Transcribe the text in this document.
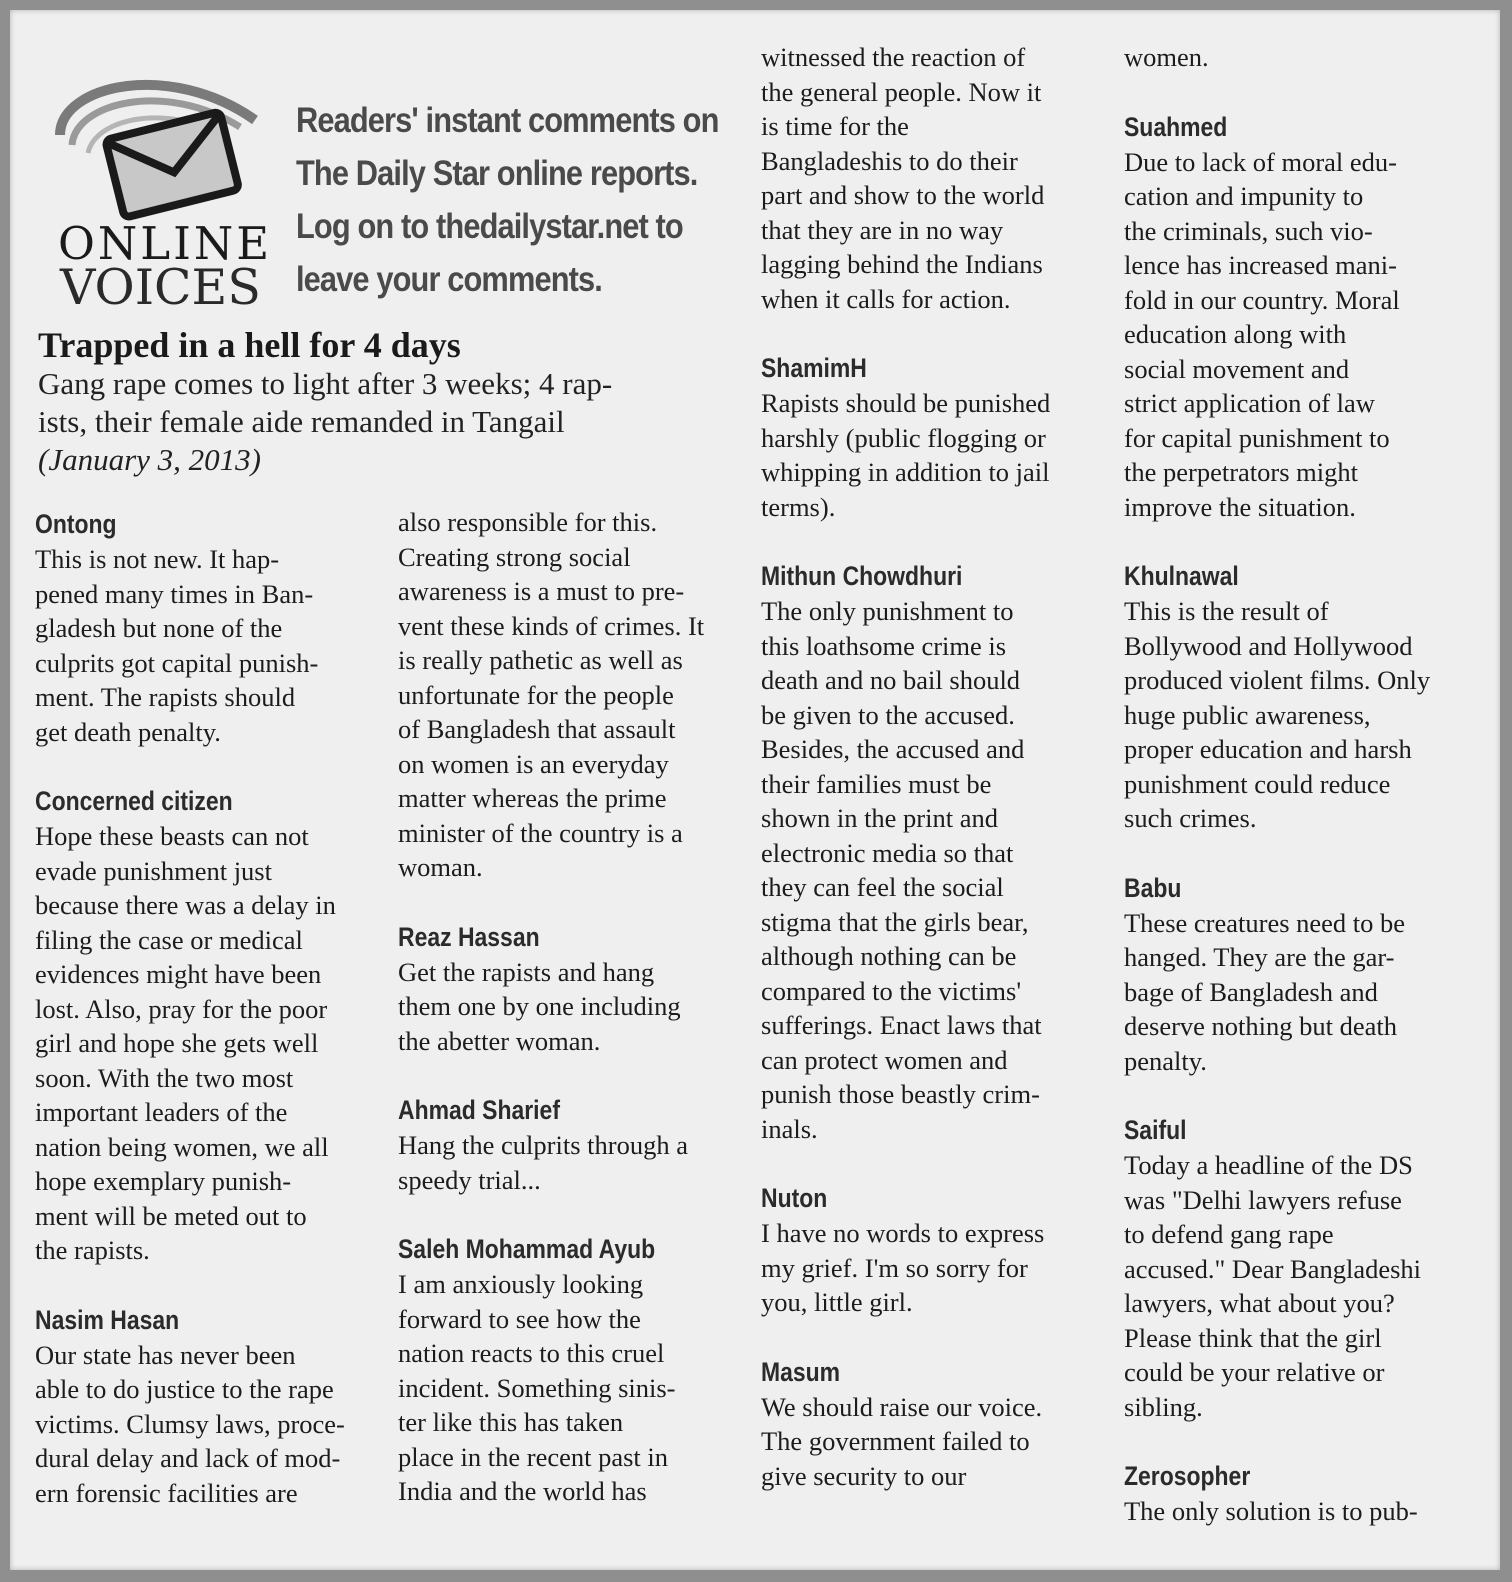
ONLINE
VOICES
Readers' instant comments on
The Daily Star online reports.
Log on to thedailystar.net to
leave your comments.
Trapped in a hell for 4 days
Gang rape comes to light after 3 weeks; 4 rap-
ists, their female aide remanded in Tangail
(January 3, 2013)
Ontong
This is not new. It hap-
pened many times in Ban-
gladesh but none of the
culprits got capital punish-
ment. The rapists should
get death penalty.
Concerned citizen
Hope these beasts can not
evade punishment just
because there was a delay in
filing the case or medical
evidences might have been
lost. Also, pray for the poor
girl and hope she gets well
soon. With the two most
important leaders of the
nation being women, we all
hope exemplary punish-
ment will be meted out to
the rapists.
Nasim Hasan
Our state has never been
able to do justice to the rape
victims. Clumsy laws, proce-
dural delay and lack of mod-
ern forensic facilities are
also responsible for this.
Creating strong social
awareness is a must to pre-
vent these kinds of crimes. It
is really pathetic as well as
unfortunate for the people
of Bangladesh that assault
on women is an everyday
matter whereas the prime
minister of the country is a
woman.
Reaz Hassan
Get the rapists and hang
them one by one including
the abetter woman.
Ahmad Sharief
Hang the culprits through a
speedy trial...
Saleh Mohammad Ayub
I am anxiously looking
forward to see how the
nation reacts to this cruel
incident. Something sinis-
ter like this has taken
place in the recent past in
India and the world has
witnessed the reaction of
the general people. Now it
is time for the
Bangladeshis to do their
part and show to the world
that they are in no way
lagging behind the Indians
when it calls for action.
ShamimH
Rapists should be punished
harshly (public flogging or
whipping in addition to jail
terms).
Mithun Chowdhuri
The only punishment to
this loathsome crime is
death and no bail should
be given to the accused.
Besides, the accused and
their families must be
shown in the print and
electronic media so that
they can feel the social
stigma that the girls bear,
although nothing can be
compared to the victims'
sufferings. Enact laws that
can protect women and
punish those beastly crim-
inals.
Nuton
I have no words to express
my grief. I'm so sorry for
you, little girl.
Masum
We should raise our voice.
The government failed to
give security to our
women.
Suahmed
Due to lack of moral edu-
cation and impunity to
the criminals, such vio-
lence has increased mani-
fold in our country. Moral
education along with
social movement and
strict application of law
for capital punishment to
the perpetrators might
improve the situation.
Khulnawal
This is the result of
Bollywood and Hollywood
produced violent films. Only
huge public awareness,
proper education and harsh
punishment could reduce
such crimes.
Babu
These creatures need to be
hanged. They are the gar-
bage of Bangladesh and
deserve nothing but death
penalty.
Saiful
Today a headline of the DS
was "Delhi lawyers refuse
to defend gang rape
accused." Dear Bangladeshi
lawyers, what about you?
Please think that the girl
could be your relative or
sibling.
Zerosopher
The only solution is to pub-
